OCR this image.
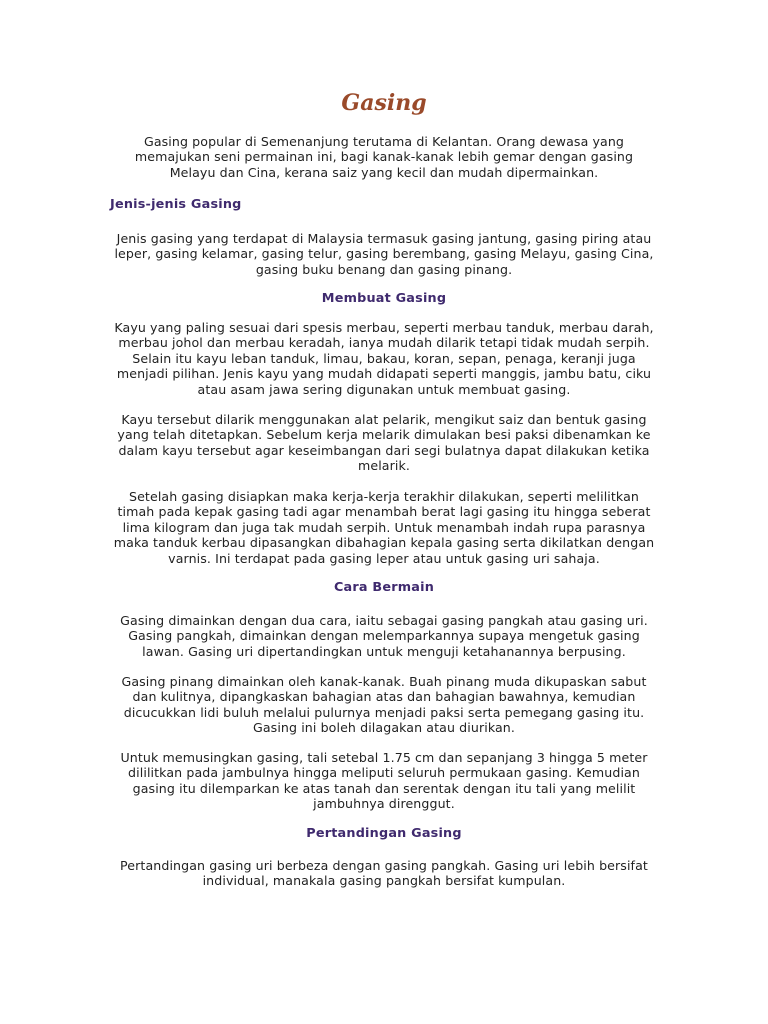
Gasing

Gasing popular di Semenanjung terutama di Kelantan. Orang dewasa yang memajukan seni permainan ini, bagi kanak-kanak lebih gemar dengan gasing Melayu dan Cina, kerana saiz yang kecil dan mudah dipermainkan.

Jenis-jenis Gasing

Jenis gasing yang terdapat di Malaysia termasuk gasing jantung, gasing piring atau leper, gasing kelamar, gasing telur, gasing berembang, gasing Melayu, gasing Cina, gasing buku benang dan gasing pinang.

Membuat Gasing

Kayu yang paling sesuai dari spesis merbau, seperti merbau tanduk, merbau darah, merbau johol dan merbau keradah, ianya mudah dilarik tetapi tidak mudah serpih. Selain itu kayu leban tanduk, limau, bakau, koran, sepan, penaga, keranji juga menjadi pilihan. Jenis kayu yang mudah didapati seperti manggis, jambu batu, ciku atau asam jawa sering digunakan untuk membuat gasing.

Kayu tersebut dilarik menggunakan alat pelarik, mengikut saiz dan bentuk gasing yang telah ditetapkan. Sebelum kerja melarik dimulakan besi paksi dibenamkan ke dalam kayu tersebut agar keseimbangan dari segi bulatnya dapat dilakukan ketika melarik.

Setelah gasing disiapkan maka kerja-kerja terakhir dilakukan, seperti melilitkan timah pada kepak gasing tadi agar menambah berat lagi gasing itu hingga seberat lima kilogram dan juga tak mudah serpih. Untuk menambah indah rupa parasnya maka tanduk kerbau dipasangkan dibahagian kepala gasing serta dikilatkan dengan varnis. Ini terdapat pada gasing leper atau untuk gasing uri sahaja.

Cara Bermain

Gasing dimainkan dengan dua cara, iaitu sebagai gasing pangkah atau gasing uri. Gasing pangkah, dimainkan dengan melemparkannya supaya mengetuk gasing lawan. Gasing uri dipertandingkan untuk menguji ketahanannya berpusing.

Gasing pinang dimainkan oleh kanak-kanak. Buah pinang muda dikupaskan sabut dan kulitnya, dipangkaskan bahagian atas dan bahagian bawahnya, kemudian dicucukkan lidi buluh melalui pulurnya menjadi paksi serta pemegang gasing itu. Gasing ini boleh dilagakan atau diurikan.

Untuk memusingkan gasing, tali setebal 1.75 cm dan sepanjang 3 hingga 5 meter dililitkan pada jambulnya hingga meliputi seluruh permukaan gasing. Kemudian gasing itu dilemparkan ke atas tanah dan serentak dengan itu tali yang melilit jambuhnya direnggut.

Pertandingan Gasing

Pertandingan gasing uri berbeza dengan gasing pangkah. Gasing uri lebih bersifat individual, manakala gasing pangkah bersifat kumpulan.
